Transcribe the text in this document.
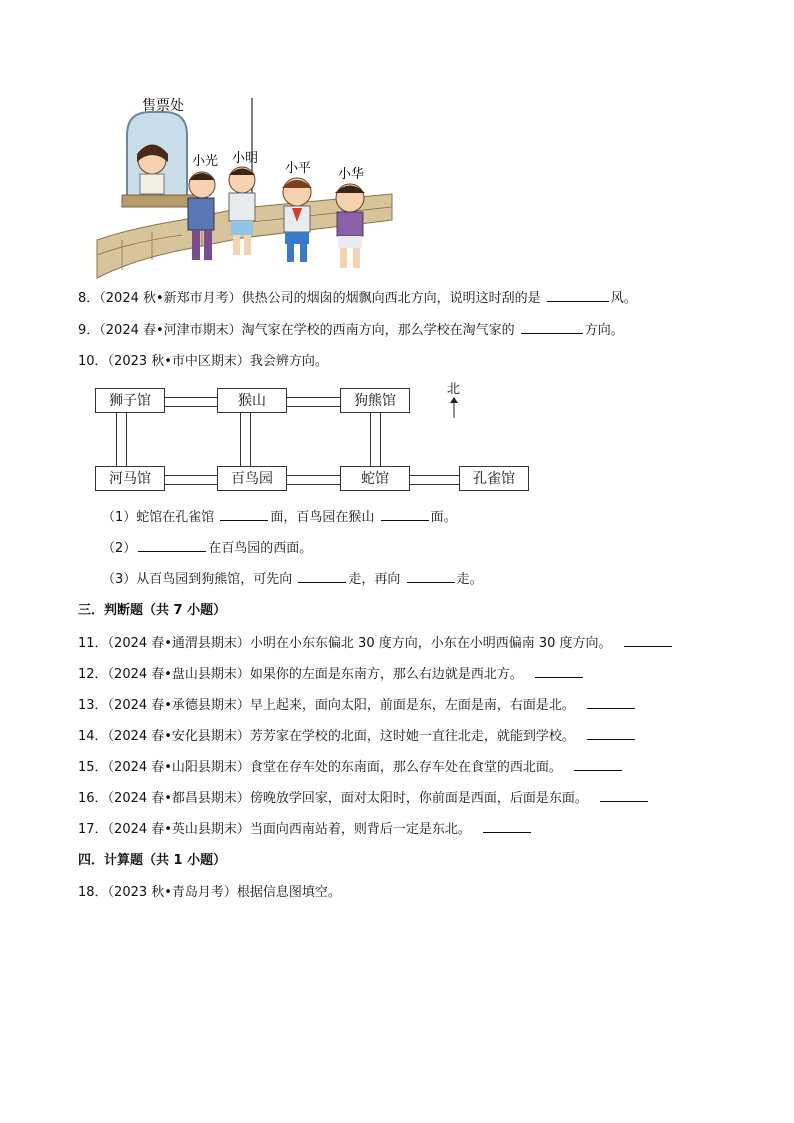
售票处
小光 小明
小平 小华
8．（2024 秋•新郑市月考）供热公司的烟囱的烟飘向西北方向，说明这时刮的是	风。
9．（2024 春•河津市期末）淘气家在学校的西南方向，那么学校在淘气家的	方向。
10．（2023 秋•市中区期末）我会辨方向。
狮子馆	猴山	狗熊馆
河马馆	百鸟园	蛇馆	孔雀馆
北
（1）蛇馆在孔雀馆	面，百鸟园在猴山	面。
（2）	在百鸟园的西面。
（3）从百鸟园到狗熊馆，可先向	走，再向	走。
三．判断题（共 7 小题）
11．（2024 春•通渭县期末）小明在小东东偏北 30 度方向，小东在小明西偏南 30 度方向。
12．（2024 春•盘山县期末）如果你的左面是东南方，那么右边就是西北方。
13．（2024 春•承德县期末）早上起来，面向太阳，前面是东，左面是南，右面是北。
14．（2024 春•安化县期末）芳芳家在学校的北面，这时她一直往北走，就能到学校。
15．（2024 春•山阳县期末）食堂在存车处的东南面，那么存车处在食堂的西北面。
16．（2024 春•都昌县期末）傍晚放学回家，面对太阳时，你前面是西面，后面是东面。
17．（2024 春•英山县期末）当面向西南站着，则背后一定是东北。
四．计算题（共 1 小题）
18．（2023 秋•青岛月考）根据信息图填空。
